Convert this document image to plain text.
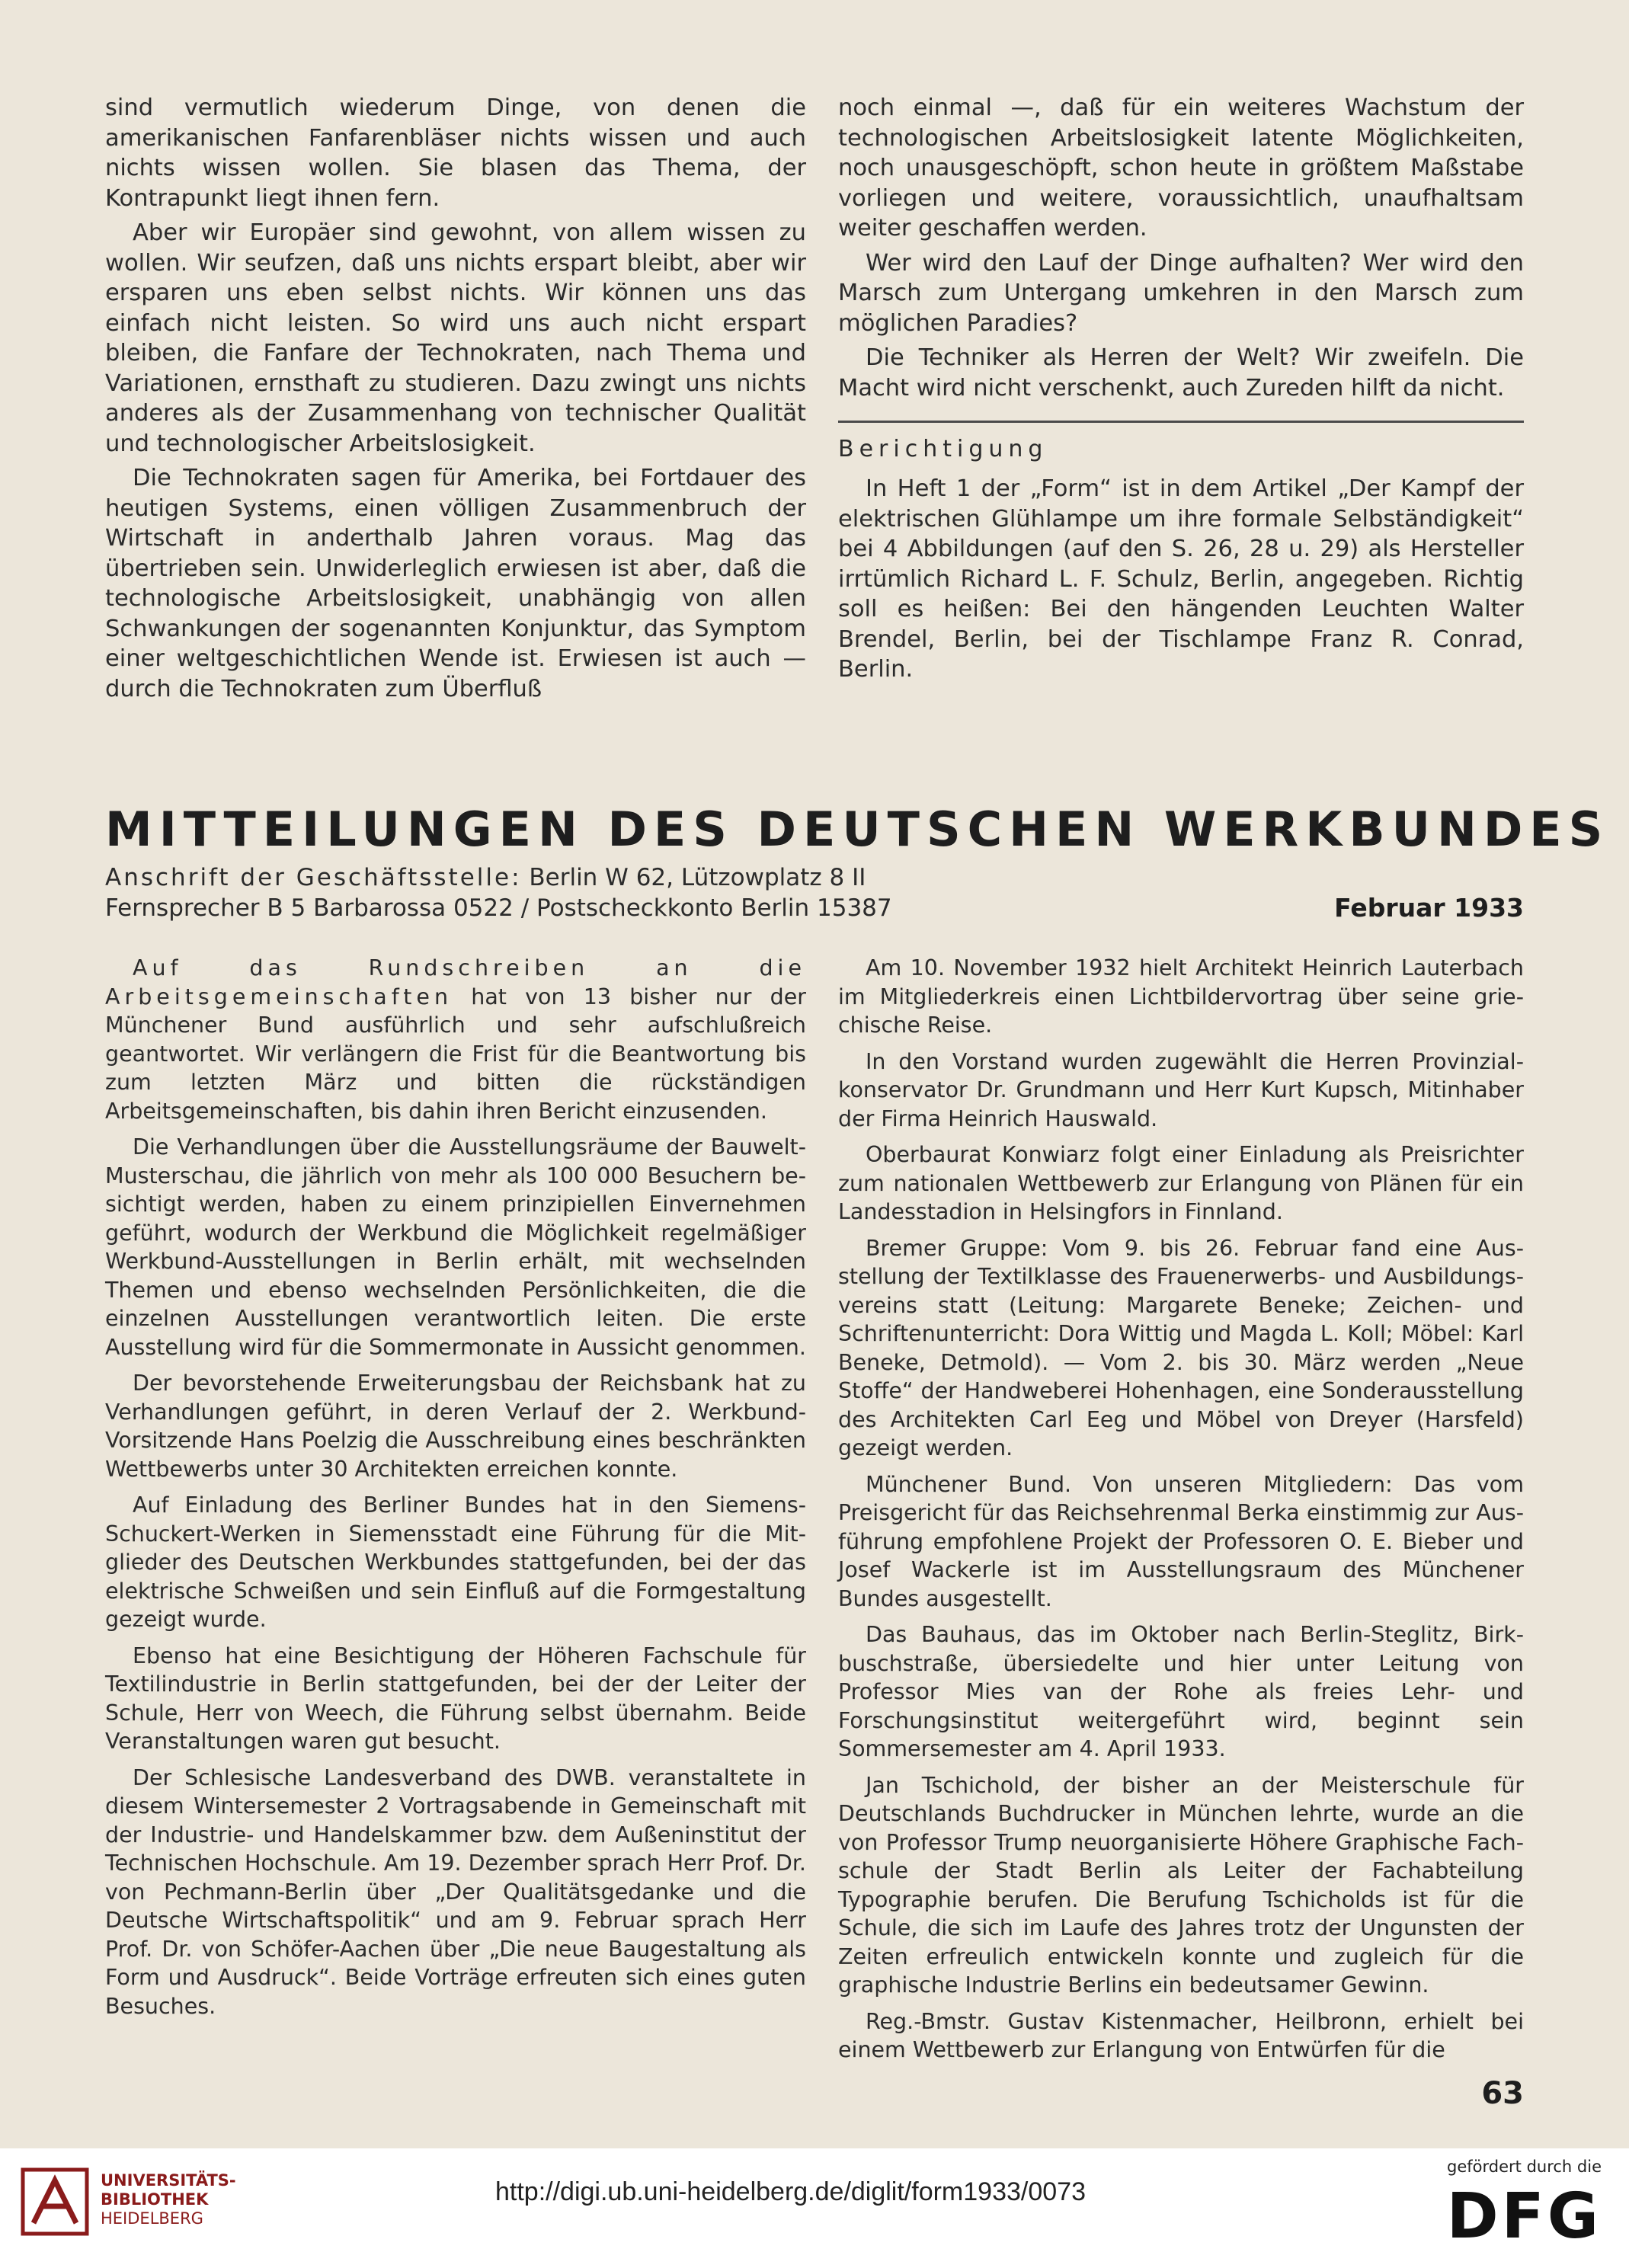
sind vermutlich wiederum Dinge, von denen die amerikanischen Fanfarenbläser nichts wissen und auch nichts wissen wollen. Sie blasen das Thema, der Kontrapunkt liegt ihnen fern.

Aber wir Europäer sind gewohnt, von allem wissen zu wollen. Wir seufzen, daß uns nichts erspart bleibt, aber wir ersparen uns eben selbst nichts. Wir können uns das einfach nicht leisten. So wird uns auch nicht erspart bleiben, die Fanfare der Technokraten, nach Thema und Variationen, ernsthaft zu studieren. Dazu zwingt uns nichts anderes als der Zusammenhang von technischer Qualität und technologischer Arbeitslosigkeit.

Die Technokraten sagen für Amerika, bei Fortdauer des heutigen Systems, einen völligen Zusammenbruch der Wirtschaft in anderthalb Jahren voraus. Mag das übertrieben sein. Unwiderleglich erwiesen ist aber, daß die technologische Arbeitslosigkeit, unabhängig von allen Schwankungen der sogenannten Konjunktur, das Symptom einer weltgeschichtlichen Wende ist. Erwiesen ist auch — durch die Technokraten zum Überfluß

noch einmal —, daß für ein weiteres Wachstum der technologischen Arbeitslosigkeit latente Möglichkeiten, noch unausgeschöpft, schon heute in größtem Maßstabe vorliegen und weitere, voraussichtlich, unaufhaltsam weiter geschaffen werden.

Wer wird den Lauf der Dinge aufhalten? Wer wird den Marsch zum Untergang umkehren in den Marsch zum möglichen Paradies?

Die Techniker als Herren der Welt? Wir zweifeln. Die Macht wird nicht verschenkt, auch Zureden hilft da nicht.

Berichtigung

In Heft 1 der „Form“ ist in dem Artikel „Der Kampf der elektrischen Glühlampe um ihre formale Selbständigkeit“ bei 4 Abbildungen (auf den S. 26, 28 u. 29) als Hersteller irrtümlich Richard L. F. Schulz, Berlin, angegeben. Richtig soll es heißen: Bei den hängenden Leuchten Walter Brendel, Berlin, bei der Tischlampe Franz R. Conrad, Berlin.

MITTEILUNGEN DES DEUTSCHEN WERKBUNDES
Anschrift der Geschäftsstelle: Berlin W 62, Lützowplatz 8 II
Fernsprecher B 5 Barbarossa 0522 / Postscheckkonto Berlin 15387	Februar 1933

Auf das Rundschreiben an die Arbeitsgemeinschaften hat von 13 bisher nur der Münchener Bund ausführlich und sehr aufschlußreich geantwortet. Wir verlängern die Frist für die Beantwortung bis zum letzten März und bitten die rückständigen Arbeitsgemeinschaften, bis dahin ihren Bericht einzusenden.

Die Verhandlungen über die Ausstellungsräume der Bauwelt-Musterschau, die jährlich von mehr als 100 000 Besuchern besichtigt werden, haben zu einem prinzipiellen Einvernehmen geführt, wodurch der Werkbund die Möglichkeit regelmäßiger Werkbund-Ausstellungen in Berlin erhält, mit wechselnden Themen und ebenso wechselnden Persönlichkeiten, die die einzelnen Ausstellungen verantwortlich leiten. Die erste Ausstellung wird für die Sommermonate in Aussicht genommen.

Der bevorstehende Erweiterungsbau der Reichsbank hat zu Verhandlungen geführt, in deren Verlauf der 2. Werkbund-Vorsitzende Hans Poelzig die Ausschreibung eines beschränkten Wettbewerbs unter 30 Architekten erreichen konnte.

Auf Einladung des Berliner Bundes hat in den Siemens-Schuckert-Werken in Siemensstadt eine Führung für die Mitglieder des Deutschen Werkbundes stattgefunden, bei der das elektrische Schweißen und sein Einfluß auf die Formgestaltung gezeigt wurde.

Ebenso hat eine Besichtigung der Höheren Fachschule für Textilindustrie in Berlin stattgefunden, bei der der Leiter der Schule, Herr von Weech, die Führung selbst übernahm. Beide Veranstaltungen waren gut besucht.

Der Schlesische Landesverband des DWB. veranstaltete in diesem Wintersemester 2 Vortragsabende in Gemeinschaft mit der Industrie- und Handelskammer bzw. dem Außeninstitut der Technischen Hochschule. Am 19. Dezember sprach Herr Prof. Dr. von Pechmann-Berlin über „Der Qualitätsgedanke und die Deutsche Wirtschaftspolitik“ und am 9. Februar sprach Herr Prof. Dr. von Schöfer-Aachen über „Die neue Baugestaltung als Form und Ausdruck“. Beide Vorträge erfreuten sich eines guten Besuches.

Am 10. November 1932 hielt Architekt Heinrich Lauterbach im Mitgliederkreis einen Lichtbildervortrag über seine griechische Reise.

In den Vorstand wurden zugewählt die Herren Provinzialkonservator Dr. Grundmann und Herr Kurt Kupsch, Mitinhaber der Firma Heinrich Hauswald.

Oberbaurat Konwiarz folgt einer Einladung als Preisrichter zum nationalen Wettbewerb zur Erlangung von Plänen für ein Landesstadion in Helsingfors in Finnland.

Bremer Gruppe: Vom 9. bis 26. Februar fand eine Ausstellung der Textilklasse des Frauenerwerbs- und Ausbildungsvereins statt (Leitung: Margarete Beneke; Zeichen- und Schriftenunterricht: Dora Wittig und Magda L. Koll; Möbel: Karl Beneke, Detmold). — Vom 2. bis 30. März werden „Neue Stoffe“ der Handweberei Hohenhagen, eine Sonderausstellung des Architekten Carl Eeg und Möbel von Dreyer (Harsfeld) gezeigt werden.

Münchener Bund. Von unseren Mitgliedern: Das vom Preisgericht für das Reichsehrenmal Berka einstimmig zur Ausführung empfohlene Projekt der Professoren O. E. Bieber und Josef Wackerle ist im Ausstellungsraum des Münchener Bundes ausgestellt.

Das Bauhaus, das im Oktober nach Berlin-Steglitz, Birkbuschstraße, übersiedelte und hier unter Leitung von Professor Mies van der Rohe als freies Lehr- und Forschungsinstitut weitergeführt wird, beginnt sein Sommersemester am 4. April 1933.

Jan Tschichold, der bisher an der Meisterschule für Deutschlands Buchdrucker in München lehrte, wurde an die von Professor Trump neuorganisierte Höhere Graphische Fachschule der Stadt Berlin als Leiter der Fachabteilung Typographie berufen. Die Berufung Tschicholds ist für die Schule, die sich im Laufe des Jahres trotz der Ungunsten der Zeiten erfreulich entwickeln konnte und zugleich für die graphische Industrie Berlins ein bedeutsamer Gewinn.

Reg.-Bmstr. Gustav Kistenmacher, Heilbronn, erhielt bei einem Wettbewerb zur Erlangung von Entwürfen für die

63
UNIVERSITÄTS-
BIBLIOTHEK
HEIDELBERG
http://digi.ub.uni-heidelberg.de/diglit/form1933/0073
gefördert durch die
DFG
